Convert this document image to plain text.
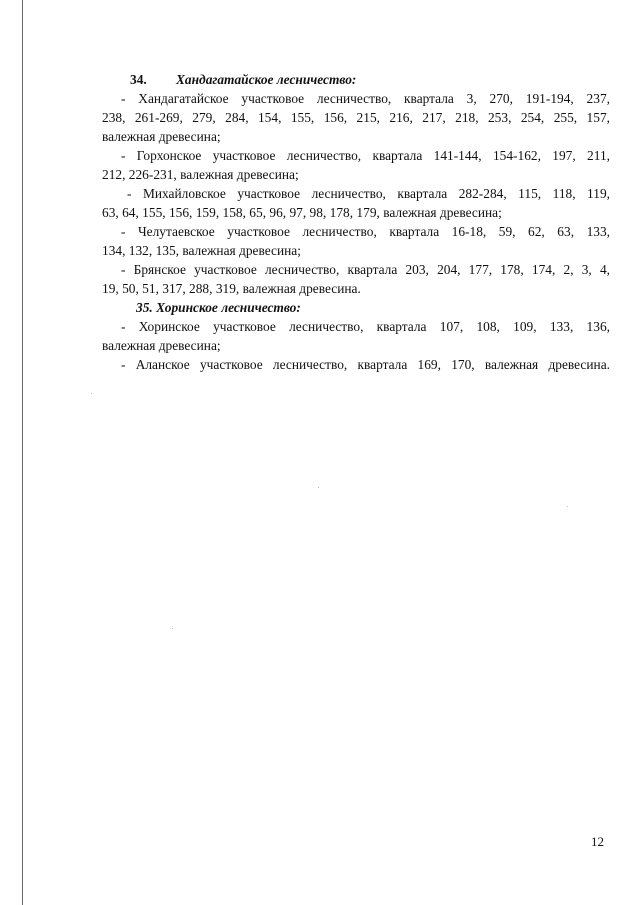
34. Хандагатайское лесничество:
- Хандагатайское участковое лесничество, квартала 3, 270, 191-194, 237,
238, 261-269, 279, 284, 154, 155, 156, 215, 216, 217, 218, 253, 254, 255, 157,
валежная древесина;
- Горхонское участковое лесничество, квартала 141-144, 154-162, 197, 211,
212, 226-231, валежная древесина;
- Михайловское участковое лесничество, квартала 282-284, 115, 118, 119,
63, 64, 155, 156, 159, 158, 65, 96, 97, 98, 178, 179, валежная древесина;
- Челутаевское участковое лесничество, квартала 16-18, 59, 62, 63, 133,
134, 132, 135, валежная древесина;
- Брянское участковое лесничество, квартала 203, 204, 177, 178, 174, 2, 3, 4,
19, 50, 51, 317, 288, 319, валежная древесина.
35. Хоринское лесничество:
- Хоринское участковое лесничество, квартала 107, 108, 109, 133, 136,
валежная древесина;
- Аланское участковое лесничество, квартала 169, 170, валежная древесина.
12
